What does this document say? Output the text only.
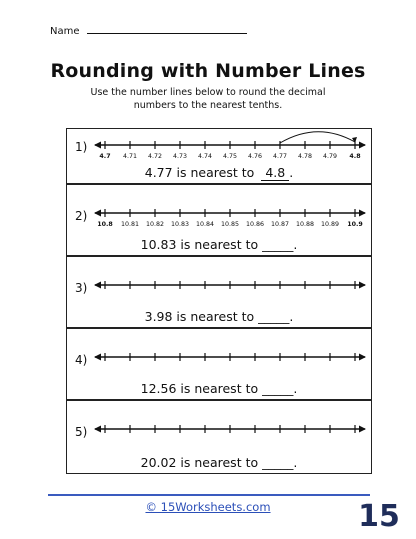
Name
Rounding with Number Lines
Use the number lines below to round the decimal numbers to the nearest tenths.
1)
4.7 4.71 4.72 4.73 4.74 4.75 4.76 4.77 4.78 4.79 4.8
4.77 is nearest to 4.8 .
2)
10.8 10.81 10.82 10.83 10.84 10.85 10.86 10.87 10.88 10.89 10.9
10.83 is nearest to _____.
3)
3.98 is nearest to _____.
4)
12.56 is nearest to _____.
5)
20.02 is nearest to _____.
© 15Worksheets.com	15
